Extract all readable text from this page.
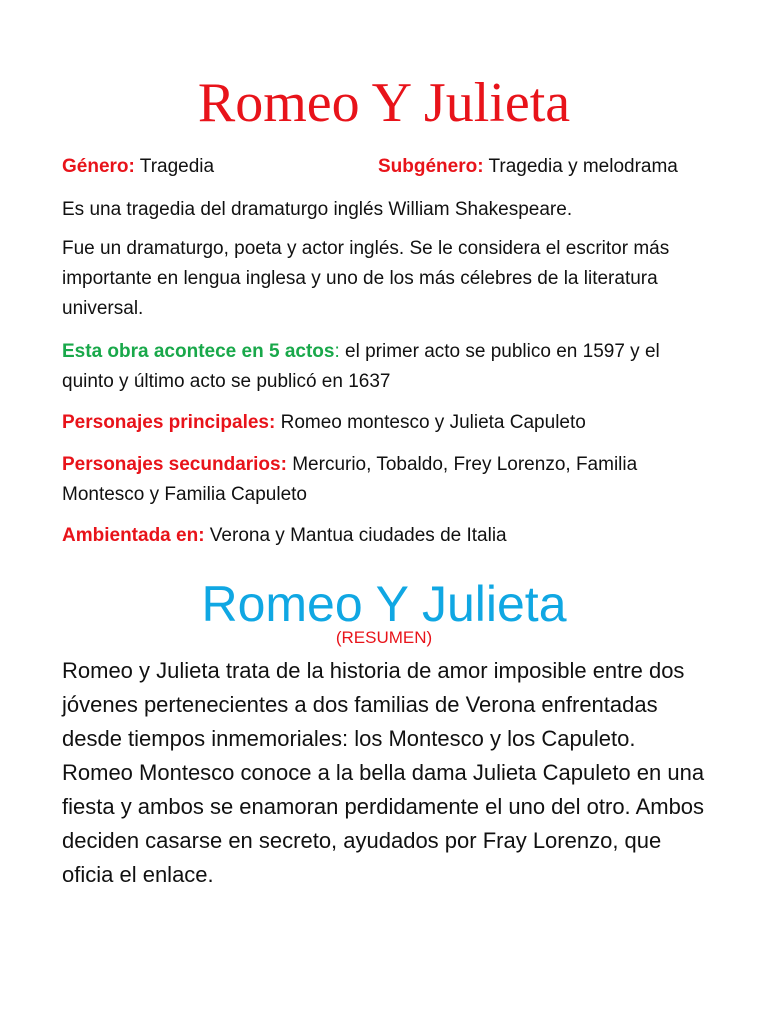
Romeo Y Julieta
Género: Tragedia	Subgénero: Tragedia y melodrama
Es una tragedia del dramaturgo inglés William Shakespeare.
Fue un dramaturgo, poeta y actor inglés. Se le considera el escritor más importante en lengua inglesa y uno de los más célebres de la literatura universal.
Esta obra acontece en 5 actos: el primer acto se publico en 1597 y el quinto y último acto se publicó en 1637
Personajes principales: Romeo montesco y Julieta Capuleto
Personajes secundarios: Mercurio, Tobaldo, Frey Lorenzo, Familia Montesco y Familia Capuleto
Ambientada en: Verona y Mantua ciudades de Italia
Romeo Y Julieta
(RESUMEN)

Romeo y Julieta trata de la historia de amor imposible entre dos jóvenes pertenecientes a dos familias de Verona enfrentadas desde tiempos inmemoriales: los Montesco y los Capuleto. Romeo Montesco conoce a la bella dama Julieta Capuleto en una fiesta y ambos se enamoran perdidamente el uno del otro. Ambos deciden casarse en secreto, ayudados por Fray Lorenzo, que oficia el enlace.
